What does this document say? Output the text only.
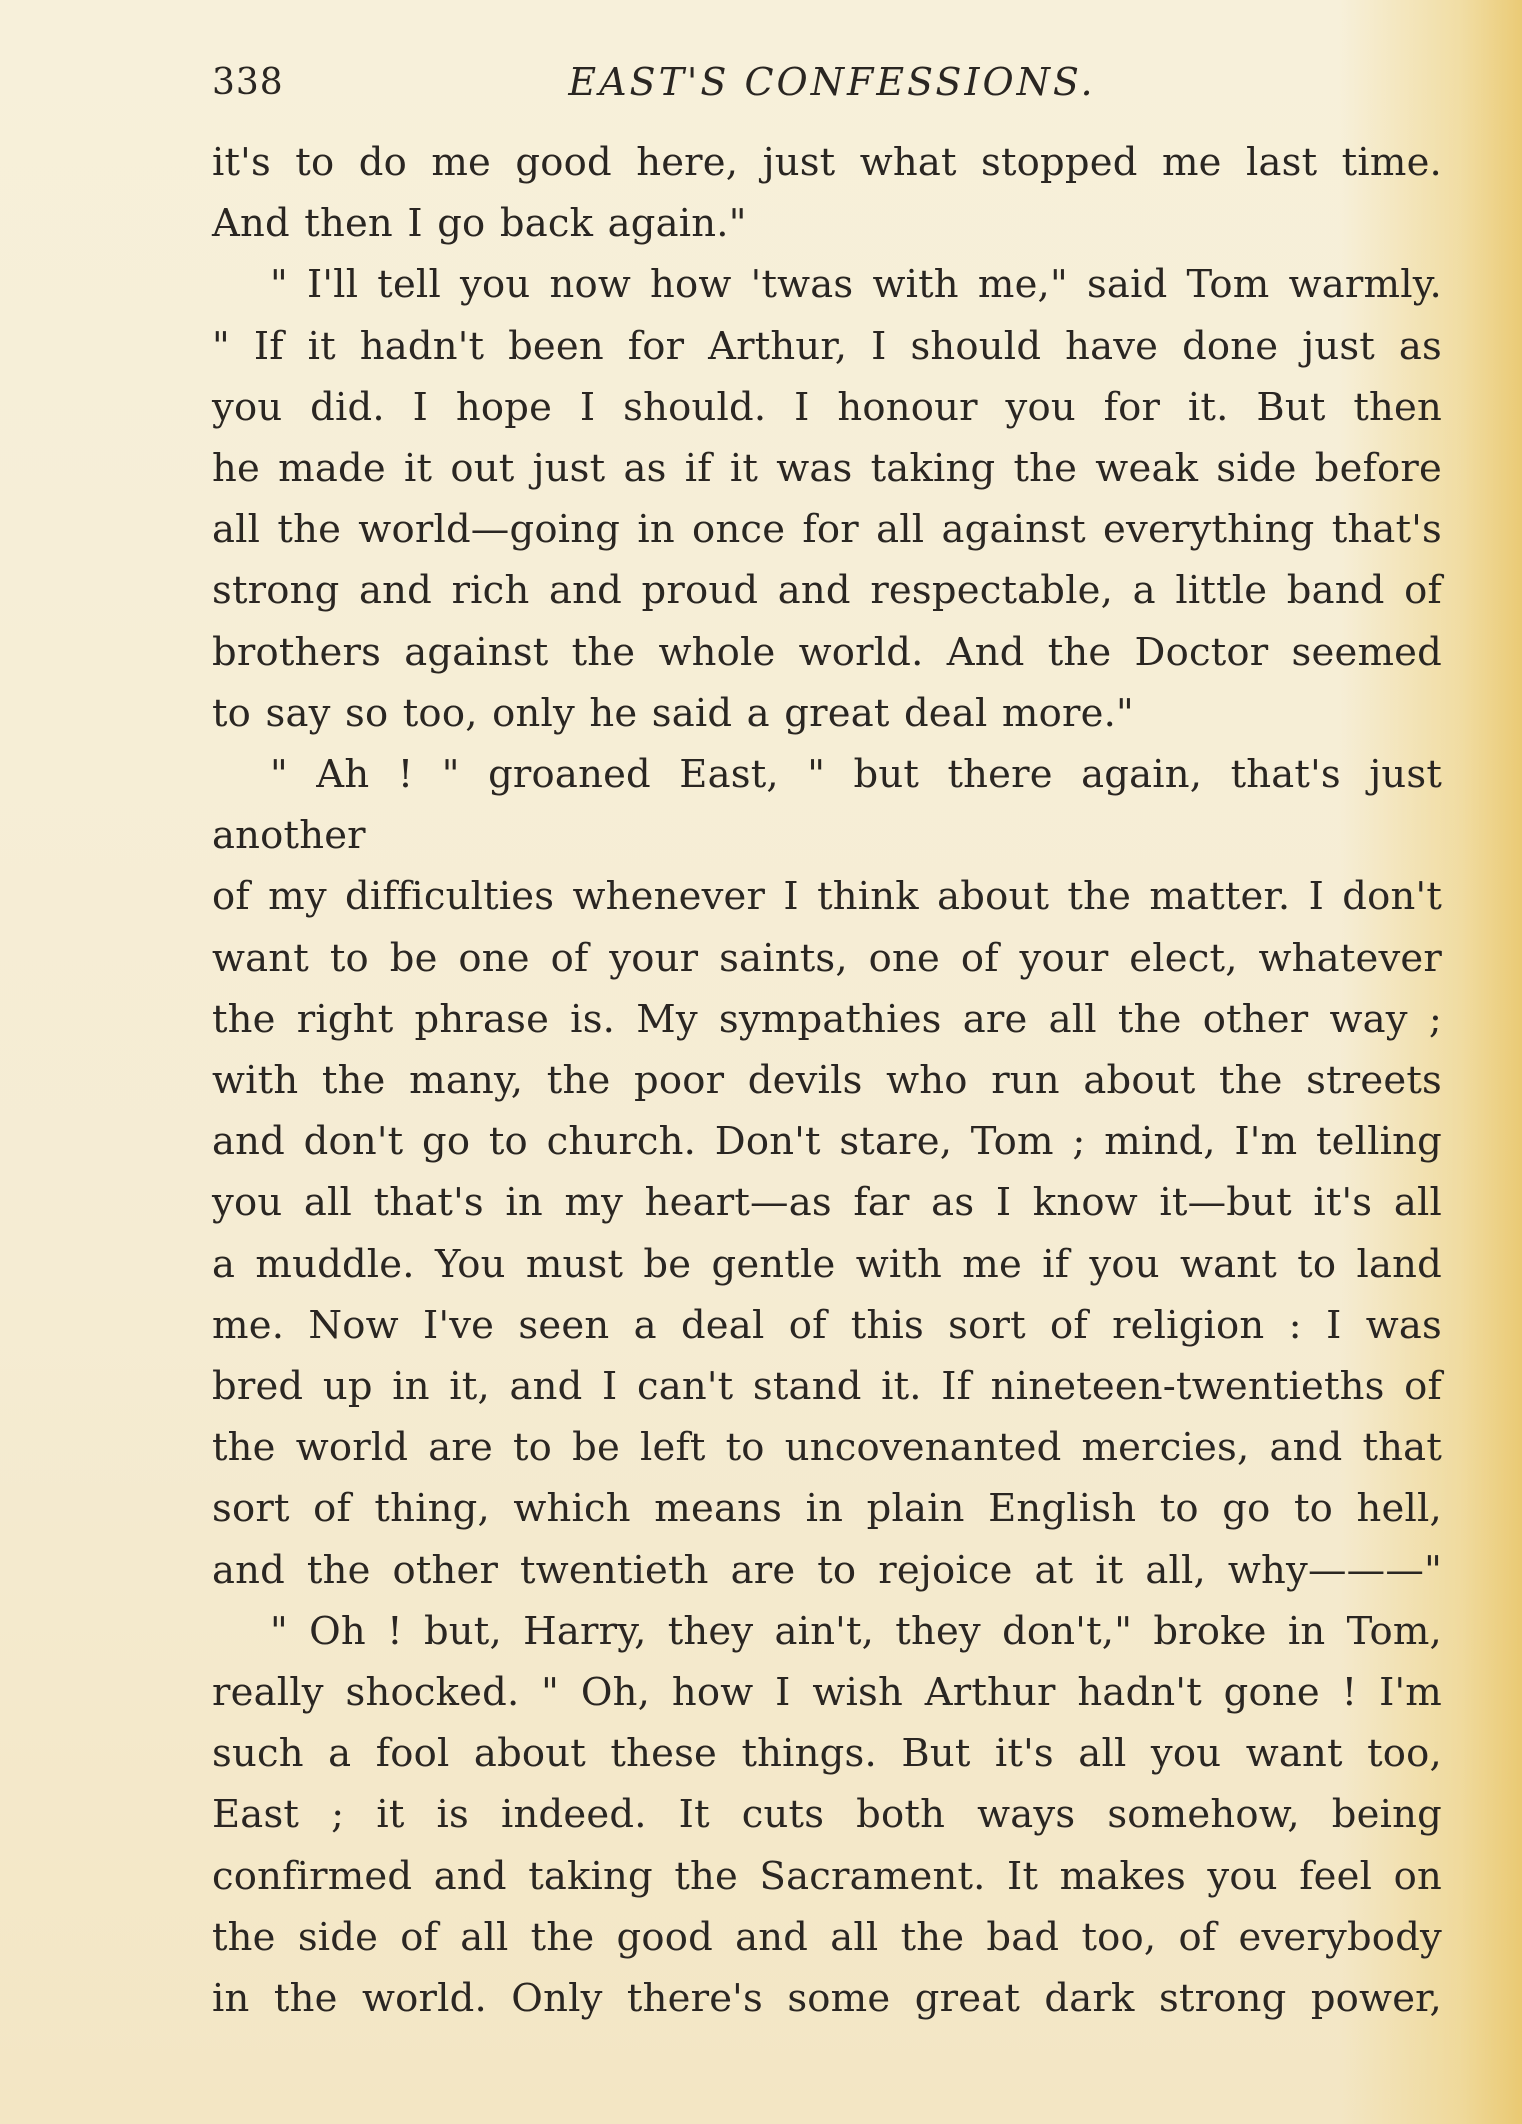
338	EAST'S CONFESSIONS.

it's to do me good here, just what stopped me last time.

And then I go back again."

" I'll tell you now how 'twas with me," said Tom warmly.

" If it hadn't been for Arthur, I should have done just as

you did. I hope I should. I honour you for it. But then

he made it out just as if it was taking the weak side before

all the world—going in once for all against everything that's

strong and rich and proud and respectable, a little band of

brothers against the whole world. And the Doctor seemed

to say so too, only he said a great deal more."

" Ah ! " groaned East, " but there again, that's just another

of my difficulties whenever I think about the matter. I don't

want to be one of your saints, one of your elect, whatever

the right phrase is. My sympathies are all the other way ;

with the many, the poor devils who run about the streets

and don't go to church. Don't stare, Tom ; mind, I'm telling

you all that's in my heart—as far as I know it—but it's all

a muddle. You must be gentle with me if you want to land

me. Now I've seen a deal of this sort of religion : I was

bred up in it, and I can't stand it. If nineteen-twentieths of

the world are to be left to uncovenanted mercies, and that

sort of thing, which means in plain English to go to hell,

and the other twentieth are to rejoice at it all, why———"

" Oh ! but, Harry, they ain't, they don't," broke in Tom,

really shocked. " Oh, how I wish Arthur hadn't gone ! I'm

such a fool about these things. But it's all you want too,

East ; it is indeed. It cuts both ways somehow, being

confirmed and taking the Sacrament. It makes you feel on

the side of all the good and all the bad too, of everybody

in the world. Only there's some great dark strong power,
